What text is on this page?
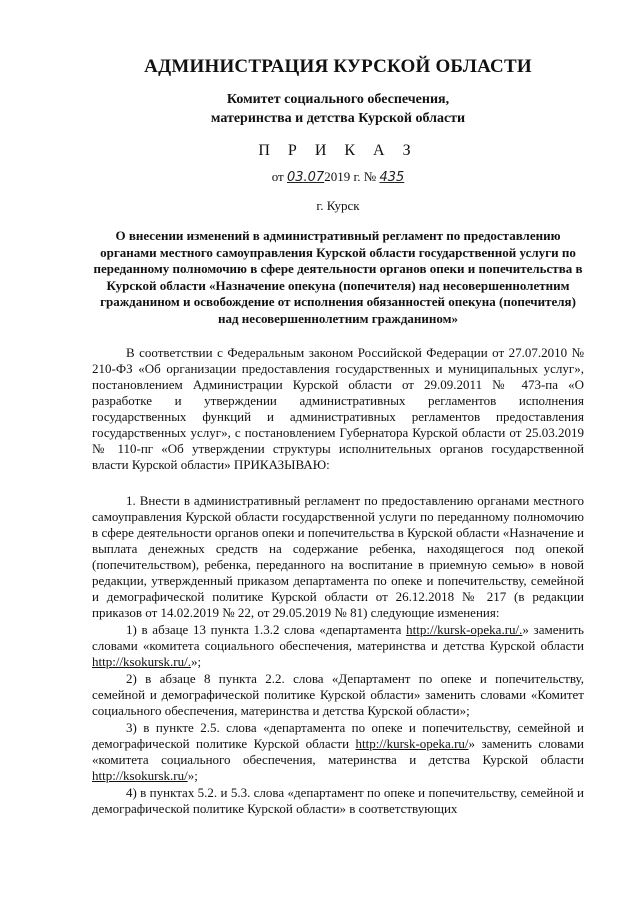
АДМИНИСТРАЦИЯ КУРСКОЙ ОБЛАСТИ

Комитет социального обеспечения,
материнства и детства Курской области

П Р И К А З

от 03.072019 г. № 435

г. Курск

О внесении изменений в административный регламент по предоставлению органами местного самоуправления Курской области государственной услуги по переданному полномочию в сфере деятельности органов опеки и попечительства в Курской области «Назначение опекуна (попечителя) над несовершеннолетним гражданином и освобождение от исполнения обязанностей опекуна (попечителя) над несовершеннолетним гражданином»

В соответствии с Федеральным законом Российской Федерации от 27.07.2010 № 210-ФЗ «Об организации предоставления государственных и муниципальных услуг», постановлением Администрации Курской области от 29.09.2011 № 473-па «О разработке и утверждении административных регламентов исполнения государственных функций и административных регламентов предоставления государственных услуг», с постановлением Губернатора Курской области от 25.03.2019 № 110-пг «Об утверждении структуры исполнительных органов государственной власти Курской области» ПРИКАЗЫВАЮ:

1. Внести в административный регламент по предоставлению органами местного самоуправления Курской области государственной услуги по переданному полномочию в сфере деятельности органов опеки и попечительства в Курской области «Назначение и выплата денежных средств на содержание ребенка, находящегося под опекой (попечительством), ребенка, переданного на воспитание в приемную семью» в новой редакции, утвержденный приказом департамента по опеке и попечительству, семейной и демографической политике Курской области от 26.12.2018 № 217 (в редакции приказов от 14.02.2019 № 22, от 29.05.2019 № 81) следующие изменения:

1) в абзаце 13 пункта 1.3.2 слова «департамента http://kursk-opeka.ru/.» заменить словами «комитета социального обеспечения, материнства и детства Курской области http://ksokursk.ru/.»;

2) в абзаце 8 пункта 2.2. слова «Департамент по опеке и попечительству, семейной и демографической политике Курской области» заменить словами «Комитет социального обеспечения, материнства и детства Курской области»;

3) в пункте 2.5. слова «департамента по опеке и попечительству, семейной и демографической политике Курской области http://kursk-opeka.ru/» заменить словами «комитета социального обеспечения, материнства и детства Курской области http://ksokursk.ru/»;

4) в пунктах 5.2. и 5.3. слова «департамент по опеке и попечительству, семейной и демографической политике Курской области» в соответствующих
